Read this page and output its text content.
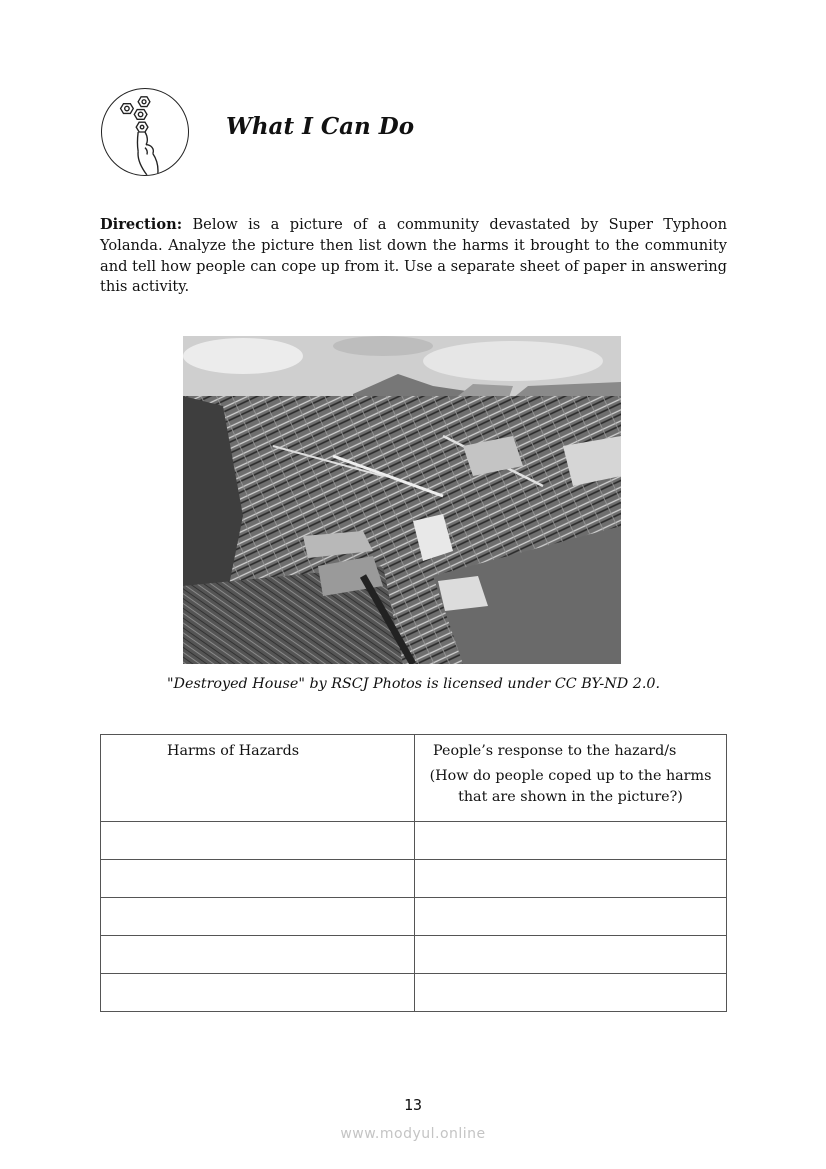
What I Can Do
Direction: Below is a picture of a community devastated by Super Typhoon Yolanda. Analyze the picture then list down the harms it brought to the community and tell how people can cope up from it. Use a separate sheet of paper in answering this activity.
"Destroyed House" by RSCJ Photos is licensed under CC BY-ND 2.0.
Harms of Hazards	People’s response to the hazard/s
(How do people coped up to the harms that are shown in the picture?)

13
www.modyul.online
